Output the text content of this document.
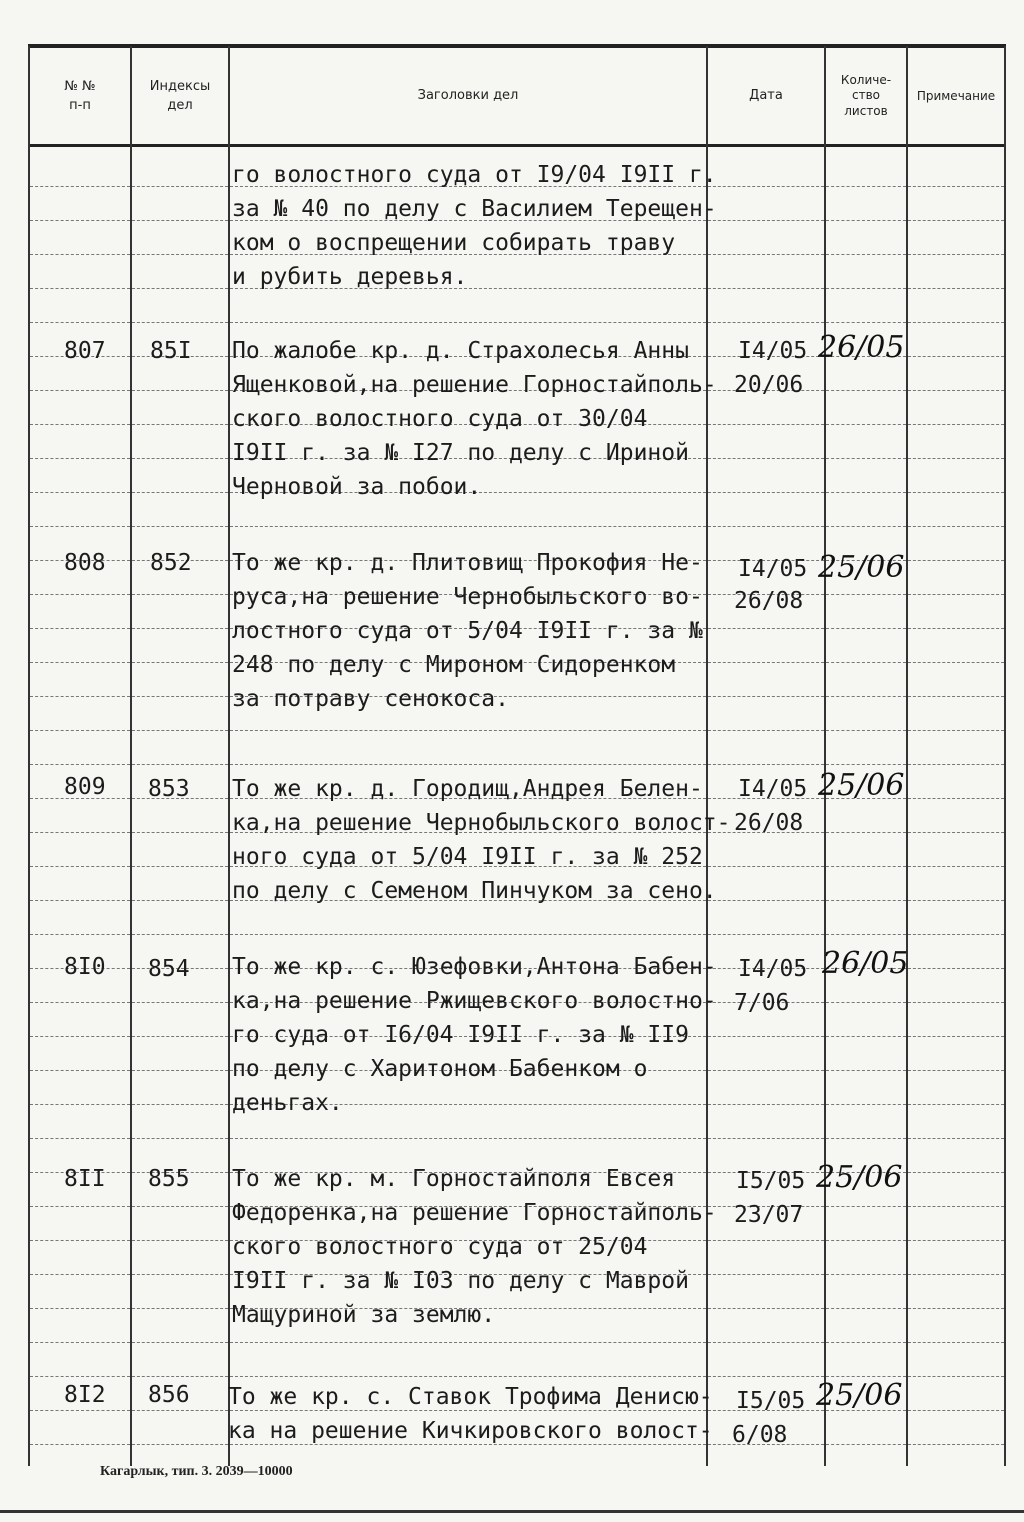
№ №
п-п
Индексы
дел
Заголовки дел	Дата
Количе-
ство
листов
Примечание
го волостного суда от I9/04 I9II г.
за № 40 по делу с Василием Терещен-
ком о воспрещении собирать траву
и рубить деревья.
807 85I По жалобе кр. д. Страхолесья Анны
Ященковой,на решение Горностайполь-
ского волостного суда от 30/04
I9II г. за № I27 по делу с Ириной
Черновой за побои.
I4/05
20/06
26/05
808 852 То же кр. д. Плитовищ Прокофия Не-
руса,на решение Чернобыльского во-
лостного суда от 5/04 I9II г. за №
248 по делу с Мироном Сидоренком
за потраву сенокоса.
I4/05
26/08
25/06
809 853 То же кр. д. Городищ,Андрея Белен-
ка,на решение Чернобыльского волост-
ного суда от 5/04 I9II г. за № 252
по делу с Семеном Пинчуком за сено.
I4/05
26/08
25/06
8I0 854 То же кр. с. Юзефовки,Антона Бабен-
ка,на решение Ржищевского волостно-
го суда от I6/04 I9II г. за № II9
по делу с Харитоном Бабенком о
деньгах.
I4/05
7/06
26/05
8II 855 То же кр. м. Горностайполя Евсея
Федоренка,на решение Горностайполь-
ского волостного суда от 25/04
I9II г. за № I03 по делу с Маврой
Мащуриной за землю.
I5/05
23/07
25/06
8I2 856 То же кр. с. Ставок Трофима Денисю-
ка на решение Кичкировского волост-
I5/05
6/08
25/06
Кагарлык, тип. 3. 2039—10000
